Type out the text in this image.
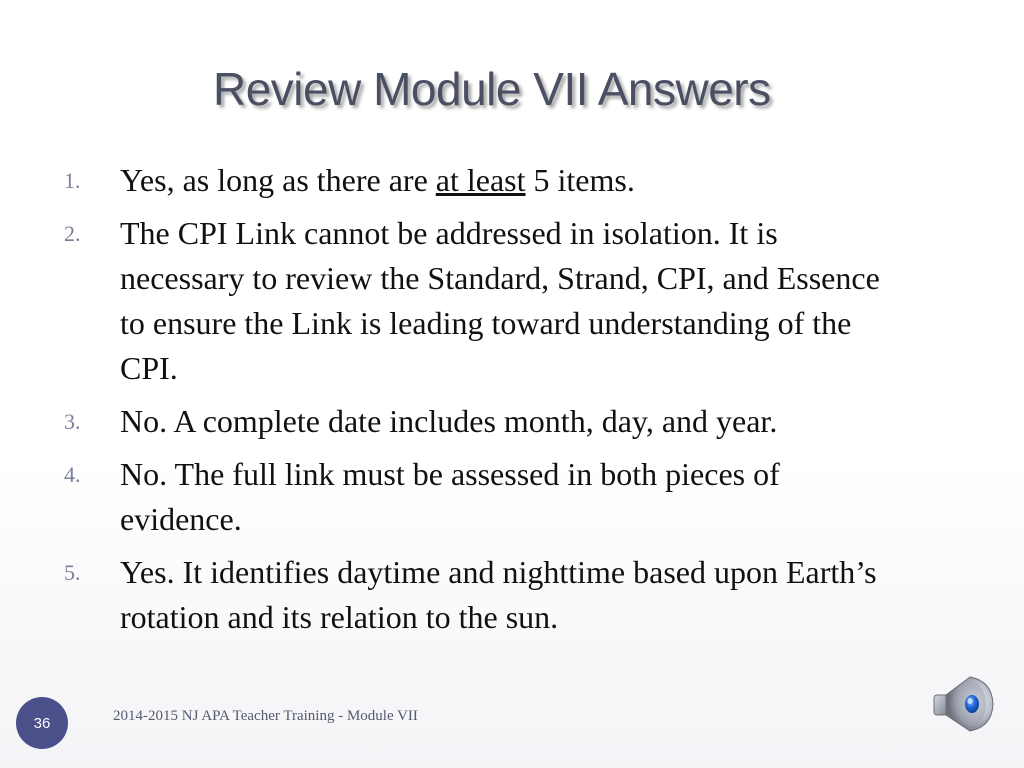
Review Module VII Answers
1.	Yes, as long as there are at least 5 items.
2.	The CPI Link cannot be addressed in isolation. It is necessary to review the Standard, Strand, CPI, and Essence to ensure the Link is leading toward understanding of the CPI.
3.	No. A complete date includes month, day, and year.
4.	No. The full link must be assessed in both pieces of evidence.
5.	Yes. It identifies daytime and nighttime based upon Earth’s rotation and its relation to the sun.
36	2014-2015 NJ APA Teacher Training - Module VII
